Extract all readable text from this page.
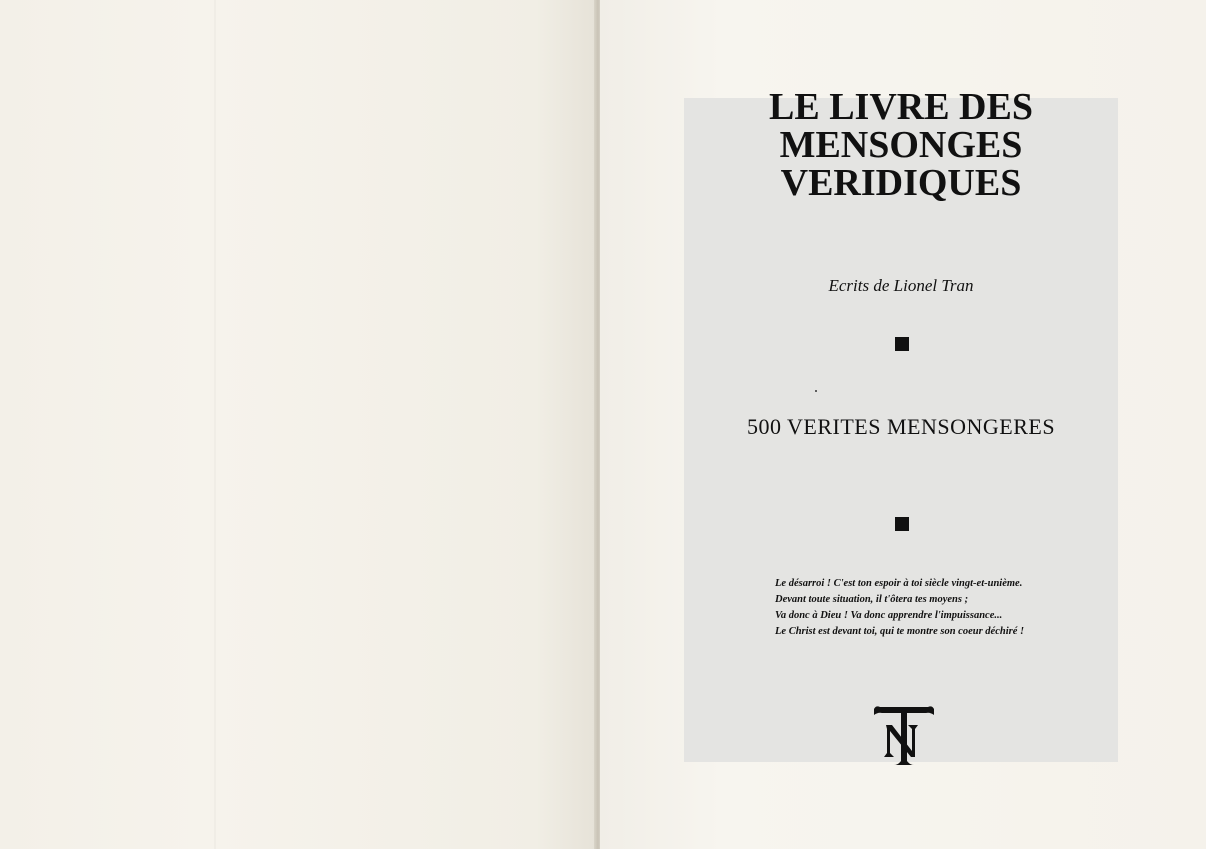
LE LIVRE DES
MENSONGES
VERIDIQUES
Ecrits de Lionel Tran
500 VERITES MENSONGERES
Le désarroi ! C'est ton espoir à toi siècle vingt-et-unième.
Devant toute situation, il t'ôtera tes moyens ;
Va donc à Dieu ! Va donc apprendre l'impuissance...
Le Christ est devant toi, qui te montre son coeur déchiré !
